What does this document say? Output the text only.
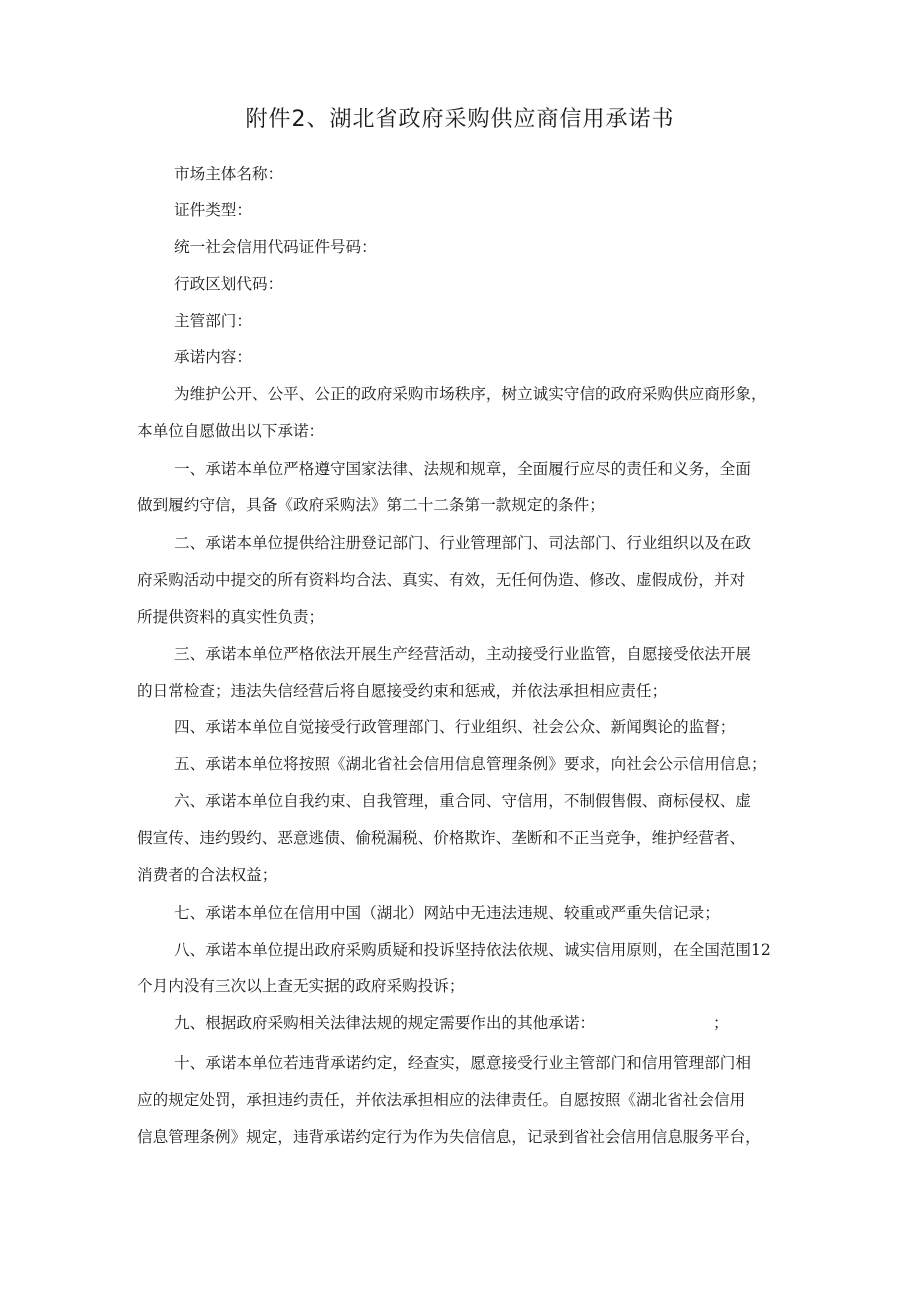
附件2、湖北省政府采购供应商信用承诺书
市场主体名称：
证件类型：
统一社会信用代码证件号码：
行政区划代码：
主管部门：
承诺内容：
为维护公开、公平、公正的政府采购市场秩序，树立诚实守信的政府采购供应商形象，
本单位自愿做出以下承诺：
一、承诺本单位严格遵守国家法律、法规和规章，全面履行应尽的责任和义务，全面
做到履约守信，具备《政府采购法》第二十二条第一款规定的条件；
二、承诺本单位提供给注册登记部门、行业管理部门、司法部门、行业组织以及在政
府采购活动中提交的所有资料均合法、真实、有效，无任何伪造、修改、虚假成份，并对
所提供资料的真实性负责；
三、承诺本单位严格依法开展生产经营活动，主动接受行业监管，自愿接受依法开展
的日常检查；违法失信经营后将自愿接受约束和惩戒，并依法承担相应责任；
四、承诺本单位自觉接受行政管理部门、行业组织、社会公众、新闻舆论的监督；
五、承诺本单位将按照《湖北省社会信用信息管理条例》要求，向社会公示信用信息；
六、承诺本单位自我约束、自我管理，重合同、守信用，不制假售假、商标侵权、虚
假宣传、违约毁约、恶意逃债、偷税漏税、价格欺诈、垄断和不正当竞争，维护经营者、
消费者的合法权益；
七、承诺本单位在信用中国（湖北）网站中无违法违规、较重或严重失信记录；
八、承诺本单位提出政府采购质疑和投诉坚持依法依规、诚实信用原则，在全国范围12
个月内没有三次以上查无实据的政府采购投诉；
九、根据政府采购相关法律法规的规定需要作出的其他承诺：	；
十、承诺本单位若违背承诺约定，经查实，愿意接受行业主管部门和信用管理部门相
应的规定处罚，承担违约责任，并依法承担相应的法律责任。自愿按照《湖北省社会信用
信息管理条例》规定，违背承诺约定行为作为失信信息，记录到省社会信用信息服务平台，
